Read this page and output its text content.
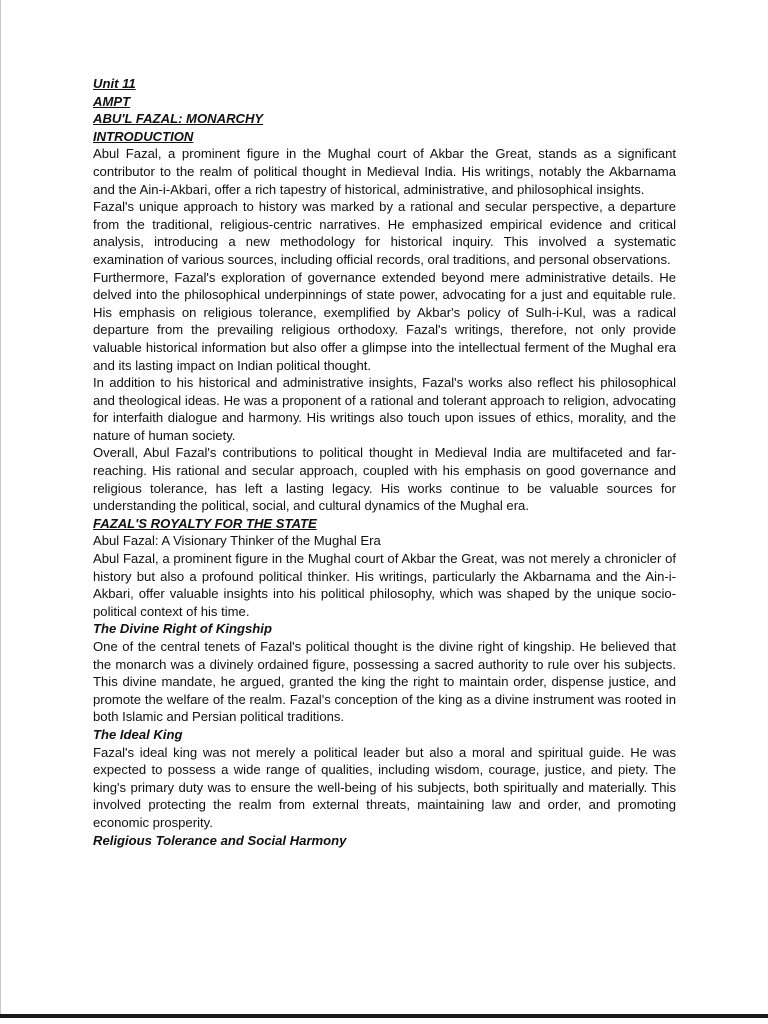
Unit 11
AMPT
ABU'L FAZAL: MONARCHY
INTRODUCTION

Abul Fazal, a prominent figure in the Mughal court of Akbar the Great, stands as a significant contributor to the realm of political thought in Medieval India. His writings, notably the Akbarnama and the Ain-i-Akbari, offer a rich tapestry of historical, administrative, and philosophical insights.

Fazal's unique approach to history was marked by a rational and secular perspective, a departure from the traditional, religious-centric narratives. He emphasized empirical evidence and critical analysis, introducing a new methodology for historical inquiry. This involved a systematic examination of various sources, including official records, oral traditions, and personal observations.

Furthermore, Fazal's exploration of governance extended beyond mere administrative details. He delved into the philosophical underpinnings of state power, advocating for a just and equitable rule. His emphasis on religious tolerance, exemplified by Akbar's policy of Sulh-i-Kul, was a radical departure from the prevailing religious orthodoxy. Fazal's writings, therefore, not only provide valuable historical information but also offer a glimpse into the intellectual ferment of the Mughal era and its lasting impact on Indian political thought.

In addition to his historical and administrative insights, Fazal's works also reflect his philosophical and theological ideas. He was a proponent of a rational and tolerant approach to religion, advocating for interfaith dialogue and harmony. His writings also touch upon issues of ethics, morality, and the nature of human society.

Overall, Abul Fazal's contributions to political thought in Medieval India are multifaceted and far-reaching. His rational and secular approach, coupled with his emphasis on good governance and religious tolerance, has left a lasting legacy. His works continue to be valuable sources for understanding the political, social, and cultural dynamics of the Mughal era.

FAZAL'S ROYALTY FOR THE STATE
Abul Fazal: A Visionary Thinker of the Mughal Era

Abul Fazal, a prominent figure in the Mughal court of Akbar the Great, was not merely a chronicler of history but also a profound political thinker. His writings, particularly the Akbarnama and the Ain-i-Akbari, offer valuable insights into his political philosophy, which was shaped by the unique socio-political context of his time.

The Divine Right of Kingship

One of the central tenets of Fazal's political thought is the divine right of kingship. He believed that the monarch was a divinely ordained figure, possessing a sacred authority to rule over his subjects. This divine mandate, he argued, granted the king the right to maintain order, dispense justice, and promote the welfare of the realm. Fazal's conception of the king as a divine instrument was rooted in both Islamic and Persian political traditions.

The Ideal King

Fazal's ideal king was not merely a political leader but also a moral and spiritual guide. He was expected to possess a wide range of qualities, including wisdom, courage, justice, and piety. The king's primary duty was to ensure the well-being of his subjects, both spiritually and materially. This involved protecting the realm from external threats, maintaining law and order, and promoting economic prosperity.

Religious Tolerance and Social Harmony
